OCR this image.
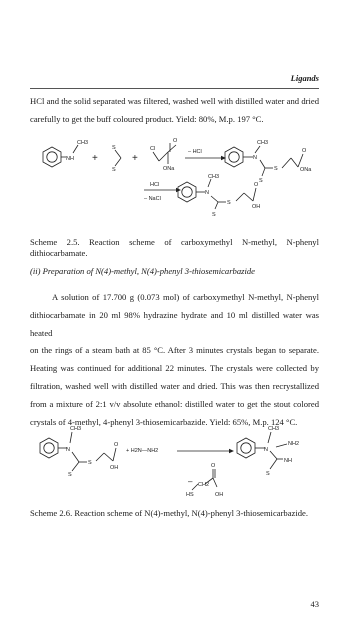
Ligands
HCl and the solid separated was filtered, washed well with distilled water and dried
carefully to get the buff coloured product. Yield: 80%, M.p. 197 °C.
CH3
NH +
S
S
+
Cl
O
ONa
– HCl
CH3
N
S
S
O
ONa
HCl
– NaCl
CH3
N
S
S
O
OH
Scheme 2.5. Reaction scheme of carboxymethyl N-methyl, N-phenyl
dithiocarbamate.
(ii) Preparation of N(4)-methyl, N(4)-phenyl 3-thiosemicarbazide
A solution of 17.700 g (0.073 mol) of carboxymethyl N-methyl, N-phenyl
dithiocarbamate in 20 ml 98% hydrazine hydrate and 10 ml distilled water was heated
on the rings of a steam bath at 85 °C. After 3 minutes crystals began to separate.
Heating was continued for additional 22 minutes. The crystals were collected by
filtration, washed well with distilled water and dried. This was then recrystallized
from a mixture of 2:1 v/v absolute ethanol: distilled water to get the stout colored
crystals of 4-methyl, 4-phenyl 3-thiosemicarbazide. Yield: 65%, M.p. 124 °C.
CH3
N
S
S
O
OH
+ H2N—NH2
– CH2
O
HS	OH
CH3
N
NH2
NH
S
Scheme 2.6. Reaction scheme of N(4)-methyl, N(4)-phenyl 3-thiosemicarbazide.
43
